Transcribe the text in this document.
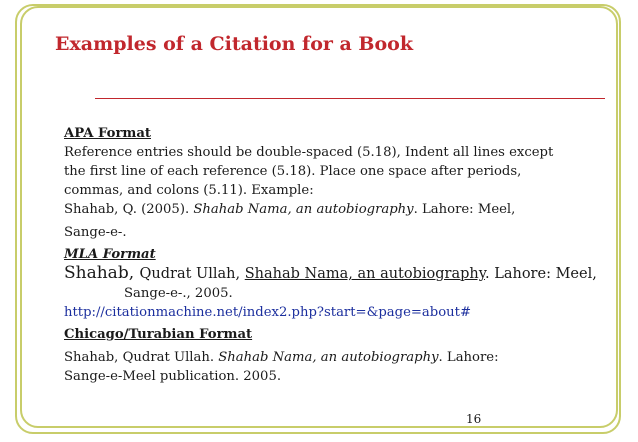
Examples of a Citation for a Book

APA Format

Reference entries should be double-spaced (5.18), Indent all lines except

the first line of each reference (5.18). Place one space after periods,

commas, and colons (5.11). Example:

Shahab, Q. (2005). Shahab Nama, an autobiography. Lahore: Meel,

Sange-e-.

MLA Format

Shahab, Qudrat Ullah, Shahab Nama, an autobiography. Lahore: Meel,

Sange-e-., 2005.

http://citationmachine.net/index2.php?start=&page=about#

Chicago/Turabian Format

Shahab, Qudrat Ullah. Shahab Nama, an autobiography. Lahore:

Sange-e-Meel publication. 2005.

16
